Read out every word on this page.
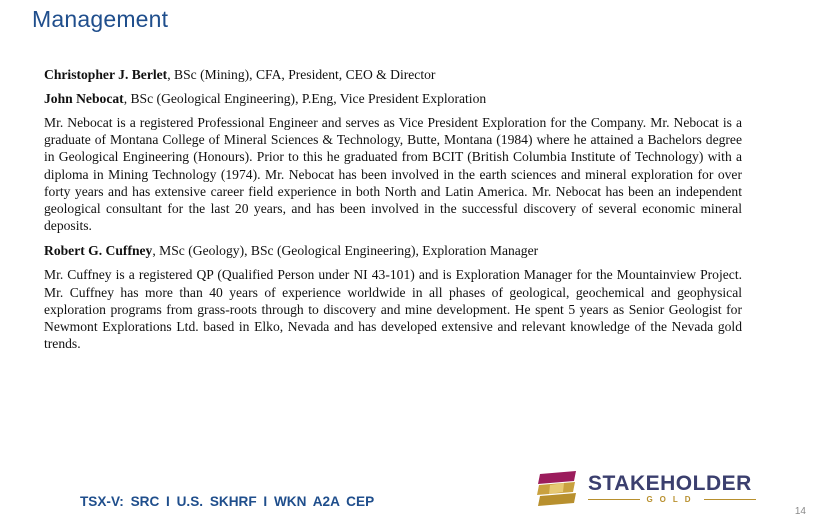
Management

Christopher J. Berlet, BSc (Mining), CFA, President, CEO & Director

John Nebocat, BSc (Geological Engineering), P.Eng, Vice President Exploration

Mr. Nebocat is a registered Professional Engineer and serves as Vice President Exploration for the Company. Mr. Nebocat is a graduate of Montana College of Mineral Sciences & Technology, Butte, Montana (1984) where he attained a Bachelors degree in Geological Engineering (Honours). Prior to this he graduated from BCIT (British Columbia Institute of Technology) with a diploma in Mining Technology (1974). Mr. Nebocat has been involved in the earth sciences and mineral exploration for over forty years and has extensive career field experience in both North and Latin America. Mr. Nebocat has been an independent geological consultant for the last 20 years, and has been involved in the successful discovery of several economic mineral deposits.

Robert G. Cuffney, MSc (Geology), BSc (Geological Engineering), Exploration Manager

Mr. Cuffney is a registered QP (Qualified Person under NI 43-101) and is Exploration Manager for the Mountainview Project. Mr. Cuffney has more than 40 years of experience worldwide in all phases of geological, geochemical and geophysical exploration programs from grass-roots through to discovery and mine development. He spent 5 years as Senior Geologist for Newmont Explorations Ltd. based in Elko, Nevada and has developed extensive and relevant knowledge of the Nevada gold trends.

TSX-V: SRC I U.S. SKHRF I WKN A2A CEP
STAKEHOLDER
GOLD
14
